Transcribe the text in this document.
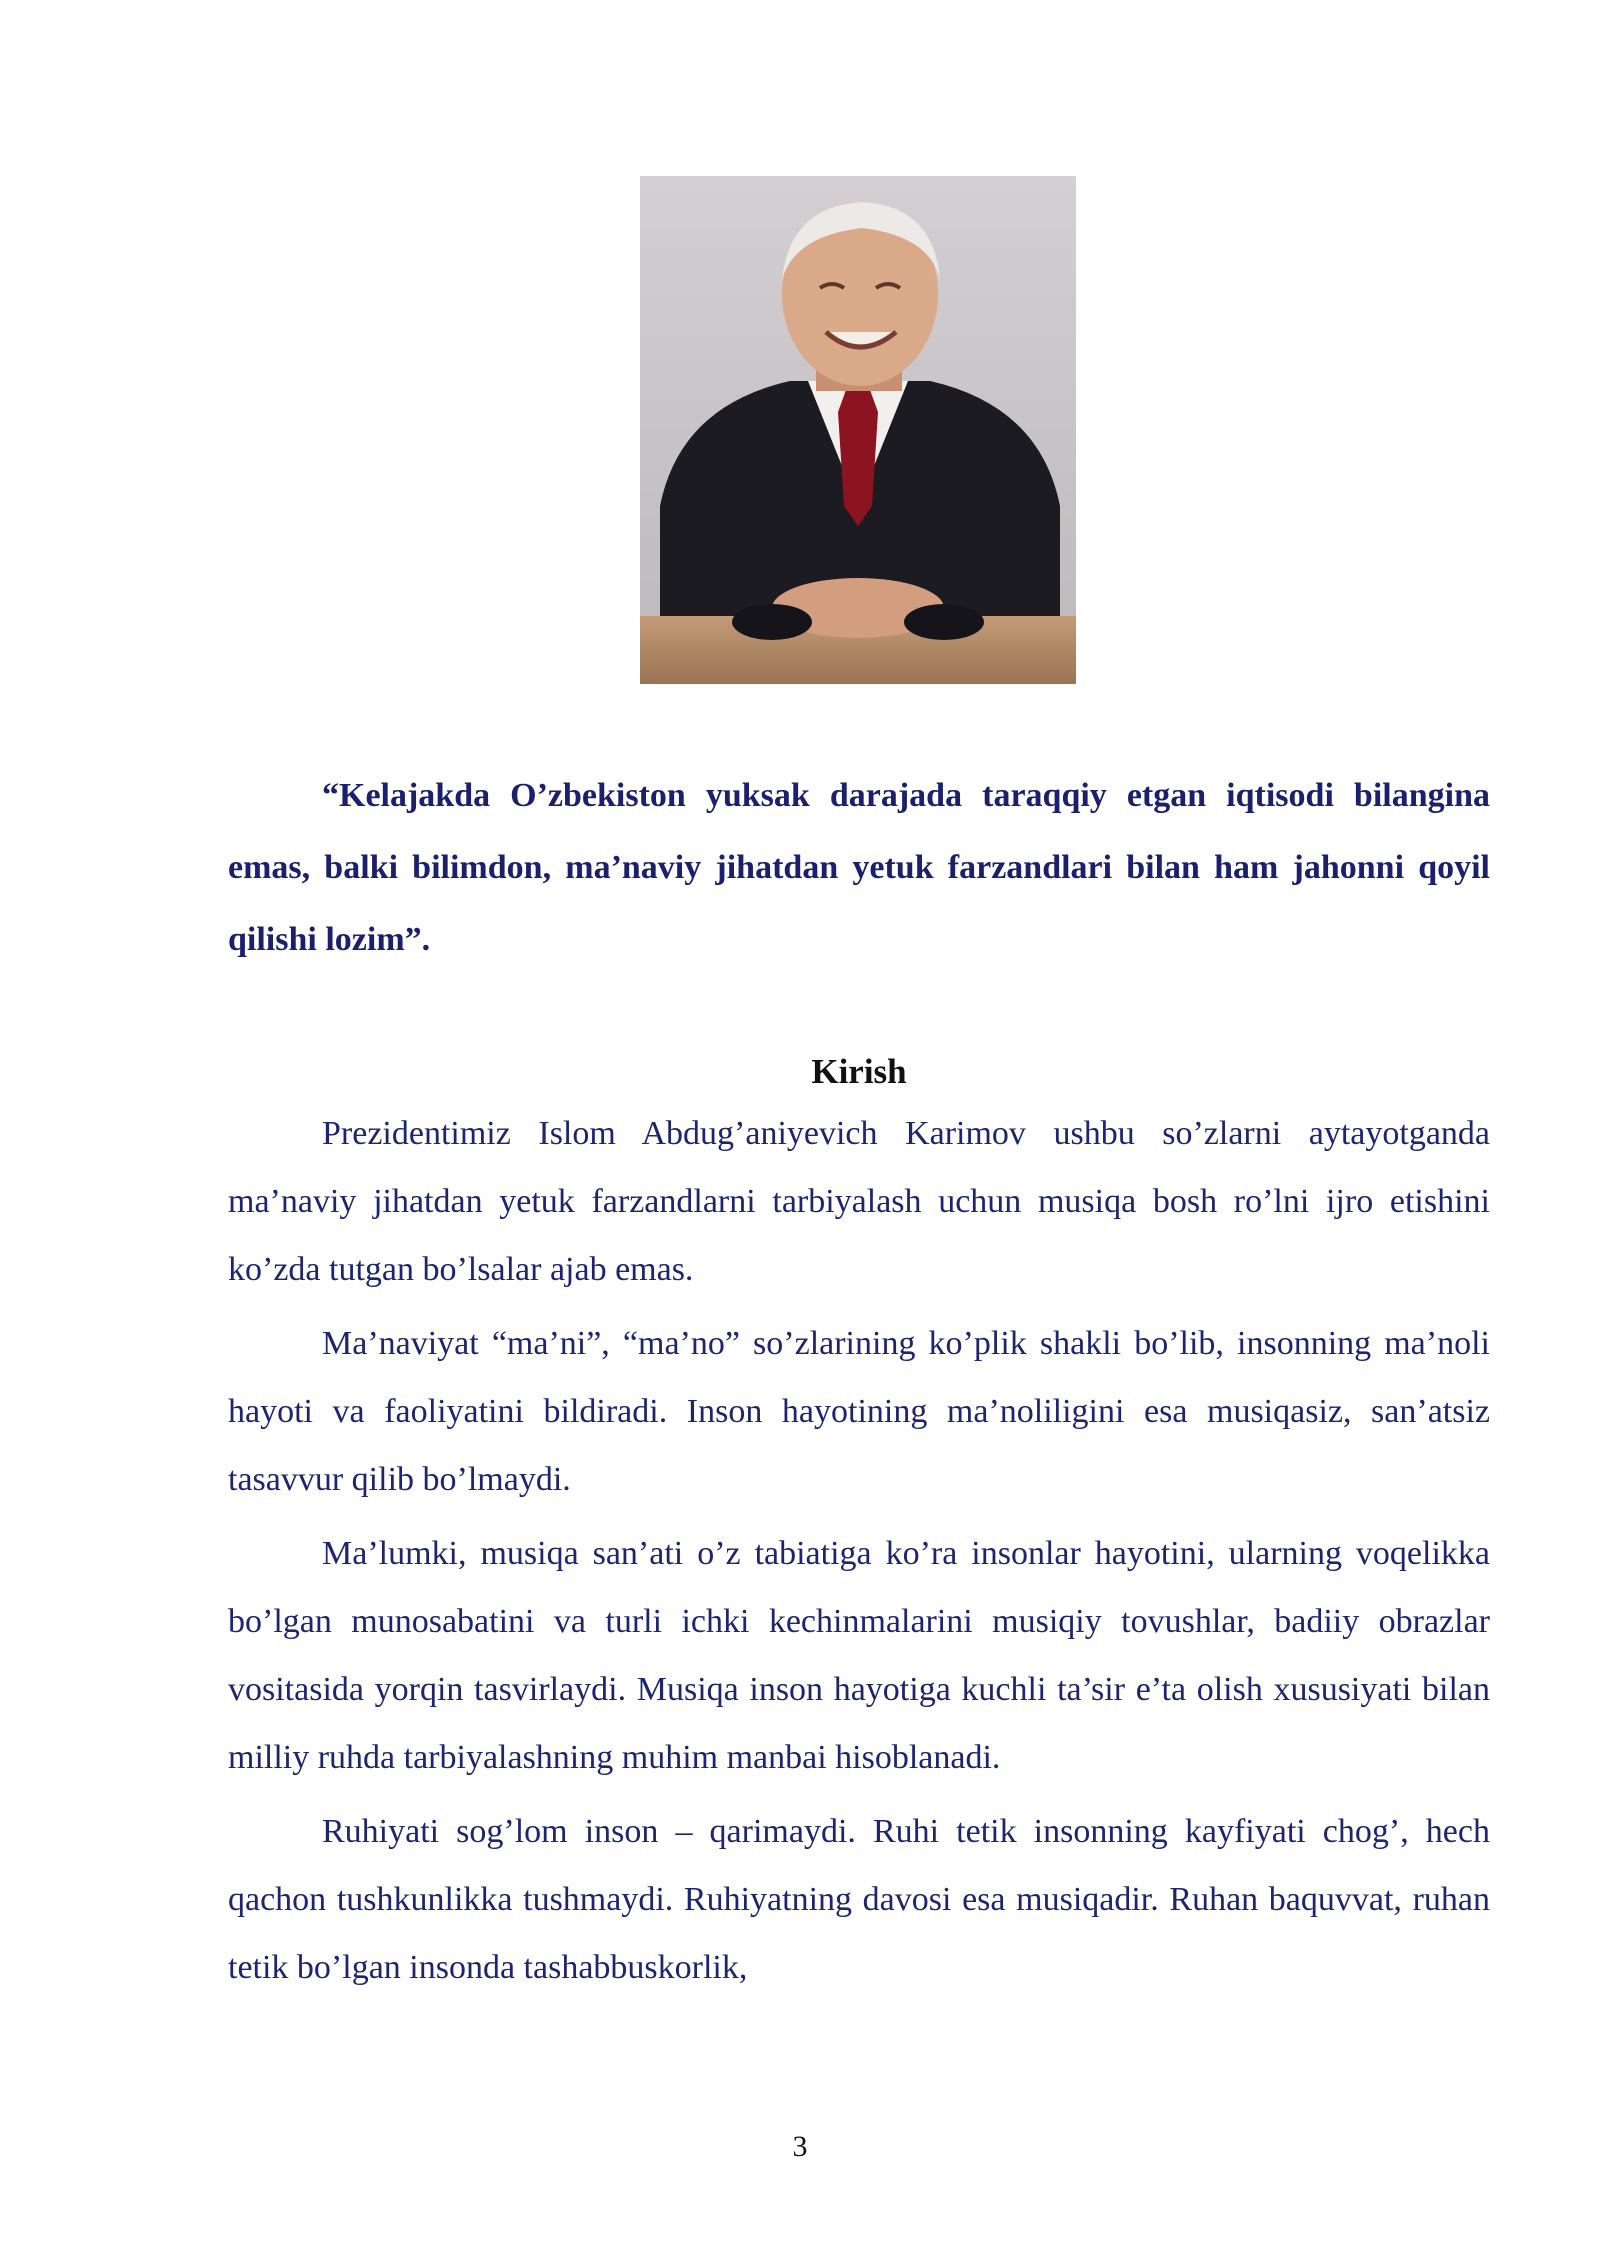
“Kelajakda O’zbekiston yuksak darajada taraqqiy etgan iqtisodi bilangina emas, balki bilimdon, ma’naviy jihatdan yetuk farzandlari bilan ham jahonni qoyil qilishi lozim”.

Kirish

Prezidentimiz Islom Abdug’aniyevich Karimov ushbu so’zlarni aytayotganda ma’naviy jihatdan yetuk farzandlarni tarbiyalash uchun musiqa bosh ro’lni ijro etishini ko’zda tutgan bo’lsalar ajab emas.

Ma’naviyat “ma’ni”, “ma’no” so’zlarining ko’plik shakli bo’lib, insonning ma’noli hayoti va faoliyatini bildiradi. Inson hayotining ma’noliligini esa musiqasiz, san’atsiz tasavvur qilib bo’lmaydi.

Ma’lumki, musiqa san’ati o’z tabiatiga ko’ra insonlar hayotini, ularning voqelikka bo’lgan munosabatini va turli ichki kechinmalarini musiqiy tovushlar, badiiy obrazlar vositasida yorqin tasvirlaydi. Musiqa inson hayotiga kuchli ta’sir e’ta olish xususiyati bilan milliy ruhda tarbiyalashning muhim manbai hisoblanadi.

Ruhiyati sog’lom inson – qarimaydi. Ruhi tetik insonning kayfiyati chog’, hech qachon tushkunlikka tushmaydi. Ruhiyatning davosi esa musiqadir. Ruhan baquvvat, ruhan tetik bo’lgan insonda tashabbuskorlik,

3
